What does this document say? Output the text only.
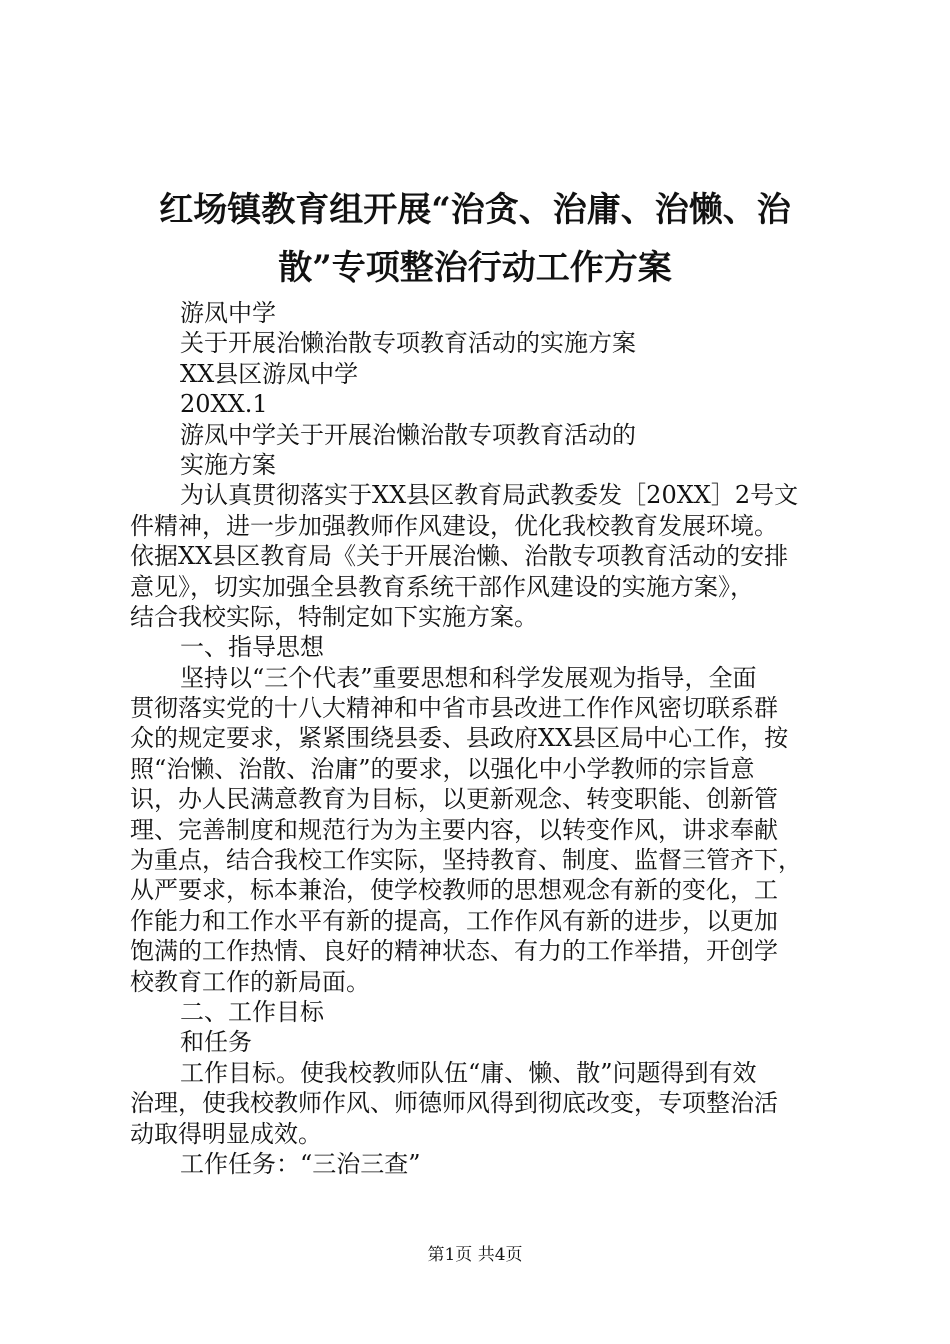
红场镇教育组开展“治贪、治庸、治懒、治
散”专项整治行动工作方案
游凤中学
关于开展治懒治散专项教育活动的实施方案
XX县区游凤中学
20XX.1
游凤中学关于开展治懒治散专项教育活动的
实施方案
为认真贯彻落实于XX县区教育局武教委发［20XX］2号文
件精神，进一步加强教师作风建设，优化我校教育发展环境。
依据XX县区教育局《关于开展治懒、治散专项教育活动的安排
意见》，切实加强全县教育系统干部作风建设的实施方案》，
结合我校实际，特制定如下实施方案。
一、指导思想
坚持以“三个代表”重要思想和科学发展观为指导，全面
贯彻落实党的十八大精神和中省市县改进工作作风密切联系群
众的规定要求，紧紧围绕县委、县政府XX县区局中心工作，按
照“治懒、治散、治庸”的要求，以强化中小学教师的宗旨意
识，办人民满意教育为目标，以更新观念、转变职能、创新管
理、完善制度和规范行为为主要内容，以转变作风，讲求奉献
为重点，结合我校工作实际，坚持教育、制度、监督三管齐下，
从严要求，标本兼治，使学校教师的思想观念有新的变化，工
作能力和工作水平有新的提高，工作作风有新的进步，以更加
饱满的工作热情、良好的精神状态、有力的工作举措，开创学
校教育工作的新局面。
二、工作目标
和任务
工作目标。使我校教师队伍“庸、懒、散”问题得到有效
治理，使我校教师作风、师德师风得到彻底改变，专项整治活
动取得明显成效。
工作任务：“三治三查”
第1页 共4页
